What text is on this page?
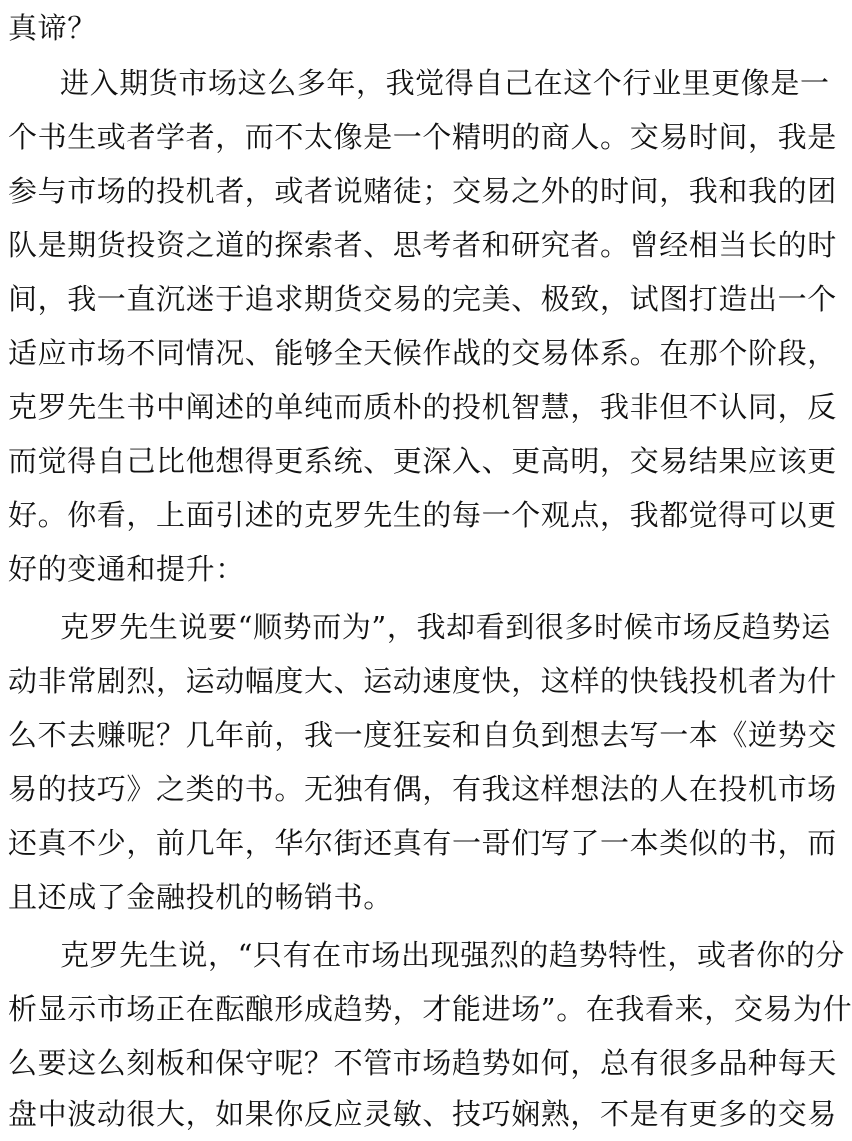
真谛？
进入期货市场这么多年，我觉得自己在这个行业里更像是一
个书生或者学者，而不太像是一个精明的商人。交易时间，我是
参与市场的投机者，或者说赌徒；交易之外的时间，我和我的团
队是期货投资之道的探索者、思考者和研究者。曾经相当长的时
间，我一直沉迷于追求期货交易的完美、极致，试图打造出一个
适应市场不同情况、能够全天候作战的交易体系。在那个阶段，
克罗先生书中阐述的单纯而质朴的投机智慧，我非但不认同，反
而觉得自己比他想得更系统、更深入、更高明，交易结果应该更
好。你看，上面引述的克罗先生的每一个观点，我都觉得可以更
好的变通和提升：
克罗先生说要“顺势而为”，我却看到很多时候市场反趋势运
动非常剧烈，运动幅度大、运动速度快，这样的快钱投机者为什
么不去赚呢？几年前，我一度狂妄和自负到想去写一本《逆势交
易的技巧》之类的书。无独有偶，有我这样想法的人在投机市场
还真不少，前几年，华尔街还真有一哥们写了一本类似的书，而
且还成了金融投机的畅销书。
克罗先生说，“只有在市场出现强烈的趋势特性，或者你的分
析显示市场正在酝酿形成趋势，才能进场”。在我看来，交易为什
么要这么刻板和保守呢？不管市场趋势如何，总有很多品种每天
盘中波动很大，如果你反应灵敏、技巧娴熟，不是有更多的交易
